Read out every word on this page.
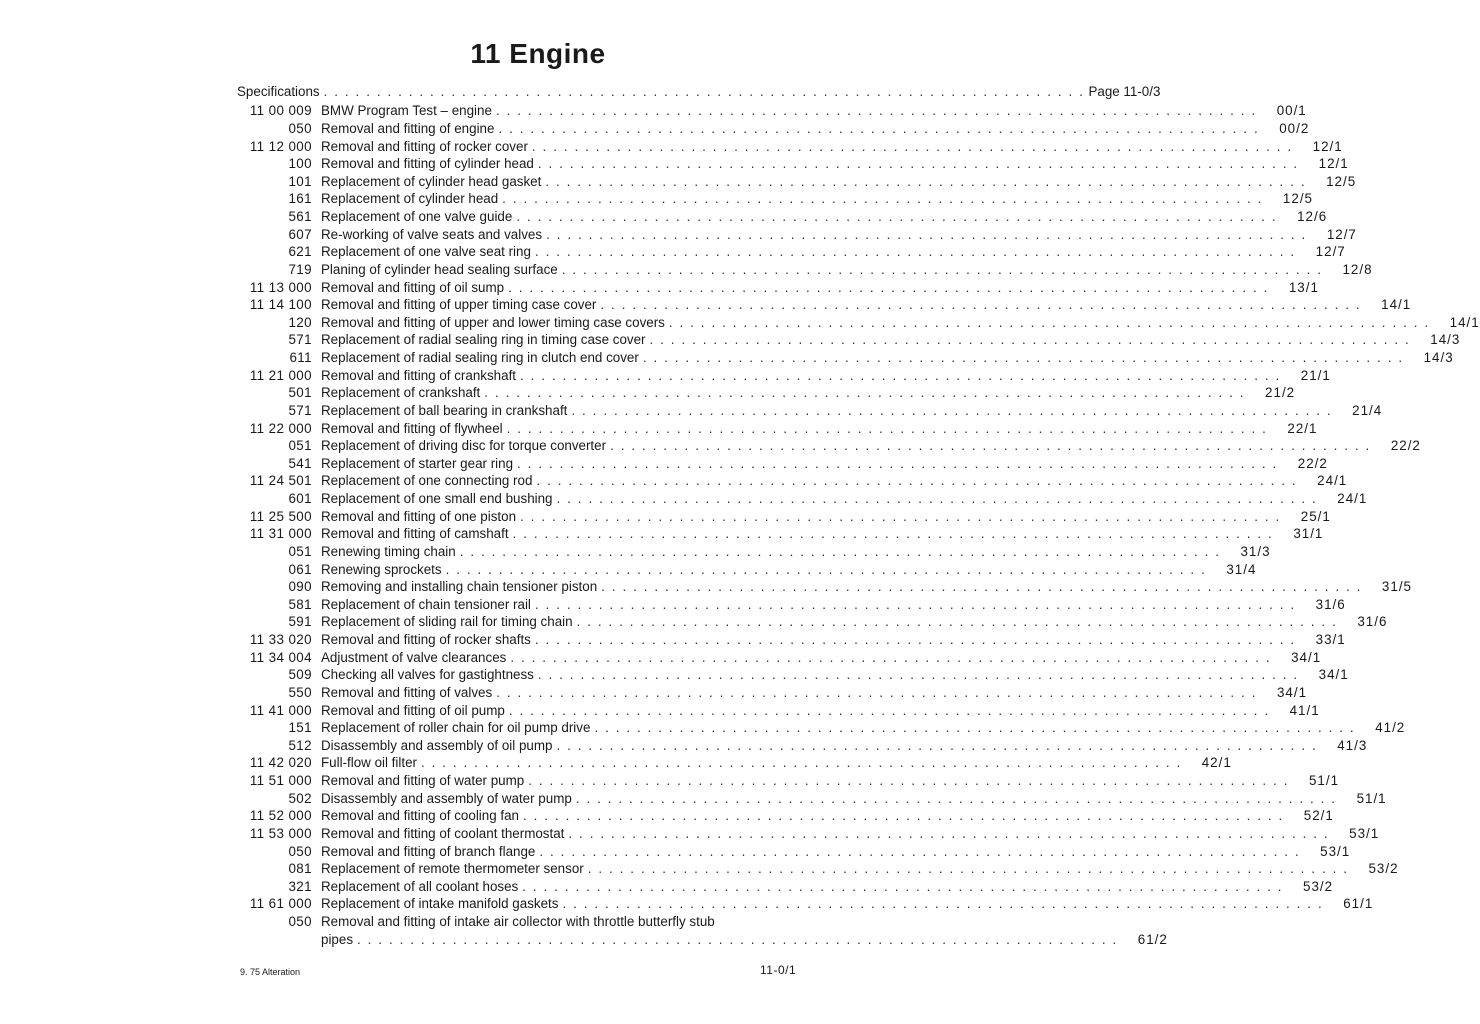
11 Engine
Specifications . . . . . . . . . . . . . . . . . . . . . . . . . . . . . . . . . . . . . . . . . . . . . . . . . . . . . . . . . . . . . . . . . . . . . . . . Page 11-0/3
11 00 009 BMW Program Test – engine . . . . . . . . . . . . . . . . . . . . . . . . . . . . . . . . . . . . . . . . . . . . . . . . . . . . . . . . . . . . . . . . . . . . . . . .	00/1
050 Removal and fitting of engine . . . . . . . . . . . . . . . . . . . . . . . . . . . . . . . . . . . . . . . . . . . . . . . . . . . . . . . . . . . . . . . . . . . . . . . .	00/2
11 12 000 Removal and fitting of rocker cover . . . . . . . . . . . . . . . . . . . . . . . . . . . . . . . . . . . . . . . . . . . . . . . . . . . . . . . . . . . . . . . . . . . . . . . .	12/1
100 Removal and fitting of cylinder head . . . . . . . . . . . . . . . . . . . . . . . . . . . . . . . . . . . . . . . . . . . . . . . . . . . . . . . . . . . . . . . . . . . . . . . .	12/1
101 Replacement of cylinder head gasket . . . . . . . . . . . . . . . . . . . . . . . . . . . . . . . . . . . . . . . . . . . . . . . . . . . . . . . . . . . . . . . . . . . . . . . .	12/5
161 Replacement of cylinder head . . . . . . . . . . . . . . . . . . . . . . . . . . . . . . . . . . . . . . . . . . . . . . . . . . . . . . . . . . . . . . . . . . . . . . . .	12/5
561 Replacement of one valve guide . . . . . . . . . . . . . . . . . . . . . . . . . . . . . . . . . . . . . . . . . . . . . . . . . . . . . . . . . . . . . . . . . . . . . . . .	12/6
607 Re-working of valve seats and valves . . . . . . . . . . . . . . . . . . . . . . . . . . . . . . . . . . . . . . . . . . . . . . . . . . . . . . . . . . . . . . . . . . . . . . . .	12/7
621 Replacement of one valve seat ring . . . . . . . . . . . . . . . . . . . . . . . . . . . . . . . . . . . . . . . . . . . . . . . . . . . . . . . . . . . . . . . . . . . . . . . .	12/7
719 Planing of cylinder head sealing surface . . . . . . . . . . . . . . . . . . . . . . . . . . . . . . . . . . . . . . . . . . . . . . . . . . . . . . . . . . . . . . . . . . . . . . . .	12/8
11 13 000 Removal and fitting of oil sump . . . . . . . . . . . . . . . . . . . . . . . . . . . . . . . . . . . . . . . . . . . . . . . . . . . . . . . . . . . . . . . . . . . . . . . .	13/1
11 14 100 Removal and fitting of upper timing case cover . . . . . . . . . . . . . . . . . . . . . . . . . . . . . . . . . . . . . . . . . . . . . . . . . . . . . . . . . . . . . . . . . . . . . . . .	14/1
120 Removal and fitting of upper and lower timing case covers . . . . . . . . . . . . . . . . . . . . . . . . . . . . . . . . . . . . . . . . . . . . . . . . . . . . . . . . . . . . . . . . . . . . . . . .	14/1
571 Replacement of radial sealing ring in timing case cover . . . . . . . . . . . . . . . . . . . . . . . . . . . . . . . . . . . . . . . . . . . . . . . . . . . . . . . . . . . . . . . . . . . . . . . .	14/3
611 Replacement of radial sealing ring in clutch end cover . . . . . . . . . . . . . . . . . . . . . . . . . . . . . . . . . . . . . . . . . . . . . . . . . . . . . . . . . . . . . . . . . . . . . . . .	14/3
11 21 000 Removal and fitting of crankshaft . . . . . . . . . . . . . . . . . . . . . . . . . . . . . . . . . . . . . . . . . . . . . . . . . . . . . . . . . . . . . . . . . . . . . . . .	21/1
501 Replacement of crankshaft . . . . . . . . . . . . . . . . . . . . . . . . . . . . . . . . . . . . . . . . . . . . . . . . . . . . . . . . . . . . . . . . . . . . . . . .	21/2
571 Replacement of ball bearing in crankshaft . . . . . . . . . . . . . . . . . . . . . . . . . . . . . . . . . . . . . . . . . . . . . . . . . . . . . . . . . . . . . . . . . . . . . . . .	21/4
11 22 000 Removal and fitting of flywheel . . . . . . . . . . . . . . . . . . . . . . . . . . . . . . . . . . . . . . . . . . . . . . . . . . . . . . . . . . . . . . . . . . . . . . . .	22/1
051 Replacement of driving disc for torque converter . . . . . . . . . . . . . . . . . . . . . . . . . . . . . . . . . . . . . . . . . . . . . . . . . . . . . . . . . . . . . . . . . . . . . . . .	22/2
541 Replacement of starter gear ring . . . . . . . . . . . . . . . . . . . . . . . . . . . . . . . . . . . . . . . . . . . . . . . . . . . . . . . . . . . . . . . . . . . . . . . .	22/2
11 24 501 Replacement of one connecting rod . . . . . . . . . . . . . . . . . . . . . . . . . . . . . . . . . . . . . . . . . . . . . . . . . . . . . . . . . . . . . . . . . . . . . . . .	24/1
601 Replacement of one small end bushing . . . . . . . . . . . . . . . . . . . . . . . . . . . . . . . . . . . . . . . . . . . . . . . . . . . . . . . . . . . . . . . . . . . . . . . .	24/1
11 25 500 Removal and fitting of one piston . . . . . . . . . . . . . . . . . . . . . . . . . . . . . . . . . . . . . . . . . . . . . . . . . . . . . . . . . . . . . . . . . . . . . . . .	25/1
11 31 000 Removal and fitting of camshaft . . . . . . . . . . . . . . . . . . . . . . . . . . . . . . . . . . . . . . . . . . . . . . . . . . . . . . . . . . . . . . . . . . . . . . . .	31/1
051 Renewing timing chain . . . . . . . . . . . . . . . . . . . . . . . . . . . . . . . . . . . . . . . . . . . . . . . . . . . . . . . . . . . . . . . . . . . . . . . .	31/3
061 Renewing sprockets . . . . . . . . . . . . . . . . . . . . . . . . . . . . . . . . . . . . . . . . . . . . . . . . . . . . . . . . . . . . . . . . . . . . . . . .	31/4
090 Removing and installing chain tensioner piston . . . . . . . . . . . . . . . . . . . . . . . . . . . . . . . . . . . . . . . . . . . . . . . . . . . . . . . . . . . . . . . . . . . . . . . .	31/5
581 Replacement of chain tensioner rail . . . . . . . . . . . . . . . . . . . . . . . . . . . . . . . . . . . . . . . . . . . . . . . . . . . . . . . . . . . . . . . . . . . . . . . .	31/6
591 Replacement of sliding rail for timing chain . . . . . . . . . . . . . . . . . . . . . . . . . . . . . . . . . . . . . . . . . . . . . . . . . . . . . . . . . . . . . . . . . . . . . . . .	31/6
11 33 020 Removal and fitting of rocker shafts . . . . . . . . . . . . . . . . . . . . . . . . . . . . . . . . . . . . . . . . . . . . . . . . . . . . . . . . . . . . . . . . . . . . . . . .	33/1
11 34 004 Adjustment of valve clearances . . . . . . . . . . . . . . . . . . . . . . . . . . . . . . . . . . . . . . . . . . . . . . . . . . . . . . . . . . . . . . . . . . . . . . . .	34/1
509 Checking all valves for gastightness . . . . . . . . . . . . . . . . . . . . . . . . . . . . . . . . . . . . . . . . . . . . . . . . . . . . . . . . . . . . . . . . . . . . . . . .	34/1
550 Removal and fitting of valves . . . . . . . . . . . . . . . . . . . . . . . . . . . . . . . . . . . . . . . . . . . . . . . . . . . . . . . . . . . . . . . . . . . . . . . .	34/1
11 41 000 Removal and fitting of oil pump . . . . . . . . . . . . . . . . . . . . . . . . . . . . . . . . . . . . . . . . . . . . . . . . . . . . . . . . . . . . . . . . . . . . . . . .	41/1
151 Replacement of roller chain for oil pump drive . . . . . . . . . . . . . . . . . . . . . . . . . . . . . . . . . . . . . . . . . . . . . . . . . . . . . . . . . . . . . . . . . . . . . . . .	41/2
512 Disassembly and assembly of oil pump . . . . . . . . . . . . . . . . . . . . . . . . . . . . . . . . . . . . . . . . . . . . . . . . . . . . . . . . . . . . . . . . . . . . . . . .	41/3
11 42 020 Full-flow oil filter . . . . . . . . . . . . . . . . . . . . . . . . . . . . . . . . . . . . . . . . . . . . . . . . . . . . . . . . . . . . . . . . . . . . . . . .	42/1
11 51 000 Removal and fitting of water pump . . . . . . . . . . . . . . . . . . . . . . . . . . . . . . . . . . . . . . . . . . . . . . . . . . . . . . . . . . . . . . . . . . . . . . . .	51/1
502 Disassembly and assembly of water pump . . . . . . . . . . . . . . . . . . . . . . . . . . . . . . . . . . . . . . . . . . . . . . . . . . . . . . . . . . . . . . . . . . . . . . . .	51/1
11 52 000 Removal and fitting of cooling fan . . . . . . . . . . . . . . . . . . . . . . . . . . . . . . . . . . . . . . . . . . . . . . . . . . . . . . . . . . . . . . . . . . . . . . . .	52/1
11 53 000 Removal and fitting of coolant thermostat . . . . . . . . . . . . . . . . . . . . . . . . . . . . . . . . . . . . . . . . . . . . . . . . . . . . . . . . . . . . . . . . . . . . . . . .	53/1
050 Removal and fitting of branch flange . . . . . . . . . . . . . . . . . . . . . . . . . . . . . . . . . . . . . . . . . . . . . . . . . . . . . . . . . . . . . . . . . . . . . . . .	53/1
081 Replacement of remote thermometer sensor . . . . . . . . . . . . . . . . . . . . . . . . . . . . . . . . . . . . . . . . . . . . . . . . . . . . . . . . . . . . . . . . . . . . . . . .	53/2
321 Replacement of all coolant hoses . . . . . . . . . . . . . . . . . . . . . . . . . . . . . . . . . . . . . . . . . . . . . . . . . . . . . . . . . . . . . . . . . . . . . . . .	53/2
11 61 000 Replacement of intake manifold gaskets . . . . . . . . . . . . . . . . . . . . . . . . . . . . . . . . . . . . . . . . . . . . . . . . . . . . . . . . . . . . . . . . . . . . . . . .	61/1
050 Removal and fitting of intake air collector with throttle butterfly stub
pipes . . . . . . . . . . . . . . . . . . . . . . . . . . . . . . . . . . . . . . . . . . . . . . . . . . . . . . . . . . . . . . . . . . . . . . . .	61/2
9. 75 Alteration	11-0/1
